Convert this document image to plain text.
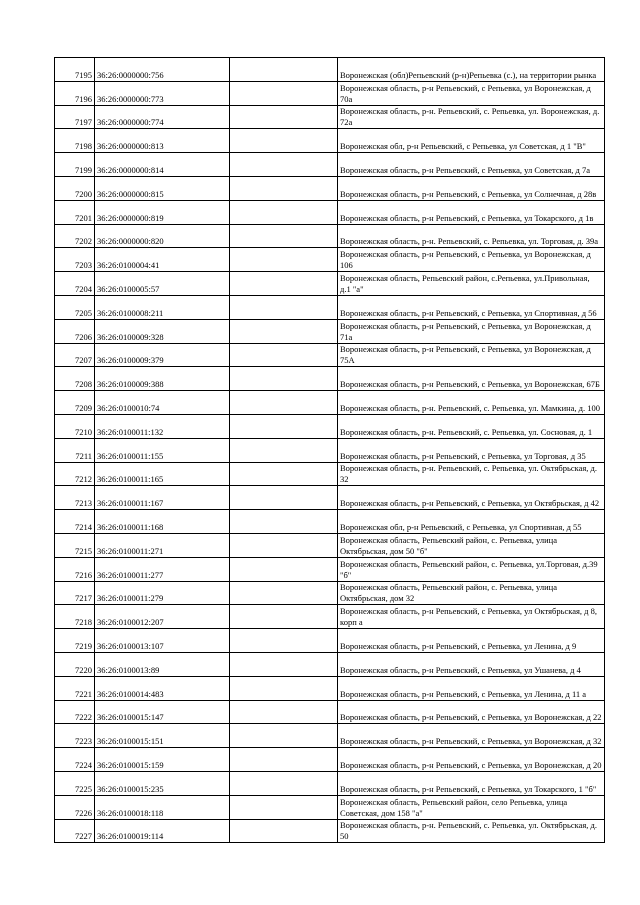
7195	36:26:0000000:756		Воронежская (обл)Репьевский (р-н)Репьевка (с.), на территории рынка
7196	36:26:0000000:773		Воронежская область, р-н Репьевский, с Репьевка, ул Воронежская, д 70а
7197	36:26:0000000:774		Воронежская область, р-н. Репьевский, с. Репьевка, ул. Воронежская, д. 72а
7198	36:26:0000000:813		Воронежская обл, р-н Репьевский, с Репьевка, ул Советская, д 1 "В"
7199	36:26:0000000:814		Воронежская область, р-н Репьевский, с Репьевка, ул Советская, д 7а
7200	36:26:0000000:815		Воронежская область, р-н Репьевский, с Репьевка, ул Солнечная, д 28в
7201	36:26:0000000:819		Воронежская область, р-н Репьевский, с Репьевка, ул Токарского, д 1в
7202	36:26:0000000:820		Воронежская область, р-н. Репьевский, с. Репьевка, ул. Торговая, д. 39а
7203	36:26:0100004:41		Воронежская область, р-н Репьевский, с Репьевка, ул Воронежская, д 106
7204	36:26:0100005:57		Воронежская область, Репьевский район, с.Репьевка, ул.Привольная, д.1 "а"
7205	36:26:0100008:211		Воронежская область, р-н Репьевский, с Репьевка, ул Спортивная, д 56
7206	36:26:0100009:328		Воронежская область, р-н Репьевский, с Репьевка, ул Воронежская, д 71а
7207	36:26:0100009:379		Воронежская область, р-н Репьевский, с Репьевка, ул Воронежская, д 75А
7208	36:26:0100009:388		Воронежская область, р-н Репьевский, с Репьевка, ул Воронежская, 67Б
7209	36:26:0100010:74		Воронежская область, р-н. Репьевский, с. Репьевка, ул. Мамкина, д. 100
7210	36:26:0100011:132		Воронежская область, р-н. Репьевский, с. Репьевка, ул. Сосновая, д. 1
7211	36:26:0100011:155		Воронежская область, р-н Репьевский, с Репьевка, ул Торговая, д 35
7212	36:26:0100011:165		Воронежская область, р-н. Репьевский, с. Репьевка, ул. Октябрьская, д. 32
7213	36:26:0100011:167		Воронежская область, р-н Репьевский, с Репьевка, ул Октябрьская, д 42
7214	36:26:0100011:168		Воронежская обл, р-н Репьевский, с Репьевка, ул Спортивная, д 55
7215	36:26:0100011:271		Воронежская область, Репьевский район, с. Репьевка, улица Октябрьская, дом 50 "б"
7216	36:26:0100011:277		Воронежская область, Репьевский район, с. Репьевка, ул.Торговая, д.39 "б"
7217	36:26:0100011:279		Воронежская область, Репьевский район, с. Репьевка, улица Октябрьская, дом 32
7218	36:26:0100012:207		Воронежская область, р-н Репьевский, с Репьевка, ул Октябрьская, д 8, корп а
7219	36:26:0100013:107		Воронежская область, р-н Репьевский, с Репьевка, ул Ленина, д 9
7220	36:26:0100013:89		Воронежская область, р-н Репьевский, с Репьевка, ул Ушанева, д 4
7221	36:26:0100014:483		Воронежская область, р-н Репьевский, с Репьевка, ул Ленина, д 11 а
7222	36:26:0100015:147		Воронежская область, р-н Репьевский, с Репьевка, ул Воронежская, д 22
7223	36:26:0100015:151		Воронежская область, р-н Репьевский, с Репьевка, ул Воронежская, д 32
7224	36:26:0100015:159		Воронежская область, р-н Репьевский, с Репьевка, ул Воронежская, д 20
7225	36:26:0100015:235		Воронежская область, р-н Репьевский, с Репьевка, ул Токарского, 1 "б"
7226	36:26:0100018:118		Воронежская область, Репьевский район, село Репьевка, улица Советская, дом 158 "а"
7227	36:26:0100019:114		Воронежская область, р-н. Репьевский, с. Репьевка, ул. Октябрьская, д. 50
